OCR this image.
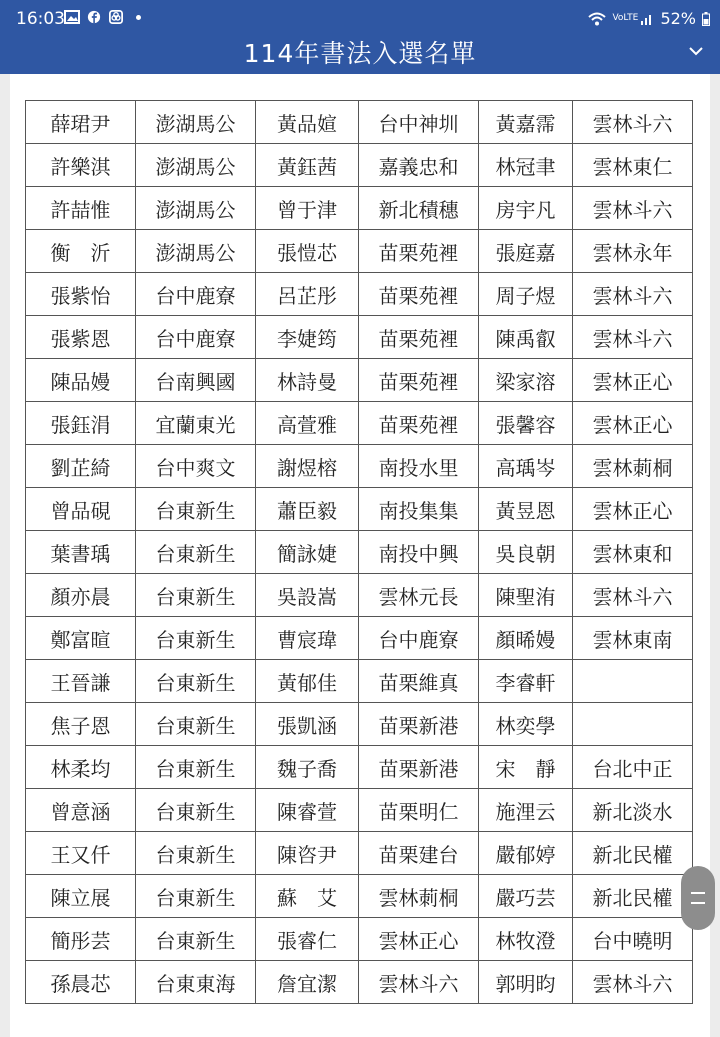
16:03	VoLTE 52%
114年書法入選名單
薛珺尹	澎湖馬公	黃品媗	台中神圳	黃嘉霈	雲林斗六
許樂淇	澎湖馬公	黃鈺茜	嘉義忠和	林冠聿	雲林東仁
許喆惟	澎湖馬公	曾于津	新北積穗	房宇凡	雲林斗六
衡　沂	澎湖馬公	張愷芯	苗栗苑裡	張庭嘉	雲林永年
張紫怡	台中鹿寮	呂芷彤	苗栗苑裡	周子煜	雲林斗六
張紫恩	台中鹿寮	李婕筠	苗栗苑裡	陳禹叡	雲林斗六
陳品嫚	台南興國	林詩曼	苗栗苑裡	梁家溶	雲林正心
張鈺涓	宜蘭東光	高萱雅	苗栗苑裡	張馨容	雲林正心
劉芷綺	台中爽文	謝煜榕	南投水里	高瑀岑	雲林莿桐
曾品硯	台東新生	蕭臣毅	南投集集	黃昱恩	雲林正心
葉書瑀	台東新生	簡詠婕	南投中興	吳良朝	雲林東和
顏亦晨	台東新生	吳設嵩	雲林元長	陳聖洧	雲林斗六
鄭富暄	台東新生	曹宸瑋	台中鹿寮	顏晞嫚	雲林東南
王晉謙	台東新生	黃郁佳	苗栗維真	李睿軒	
焦子恩	台東新生	張凱涵	苗栗新港	林奕學	
林柔均	台東新生	魏子喬	苗栗新港	宋　靜	台北中正
曾意涵	台東新生	陳睿萱	苗栗明仁	施浬云	新北淡水
王又仟	台東新生	陳咨尹	苗栗建台	嚴郁婷	新北民權
陳立展	台東新生	蘇　艾	雲林莿桐	嚴巧芸	新北民權
簡彤芸	台東新生	張睿仁	雲林正心	林牧澄	台中曉明
孫晨芯	台東東海	詹宜潔	雲林斗六	郭明昀	雲林斗六
